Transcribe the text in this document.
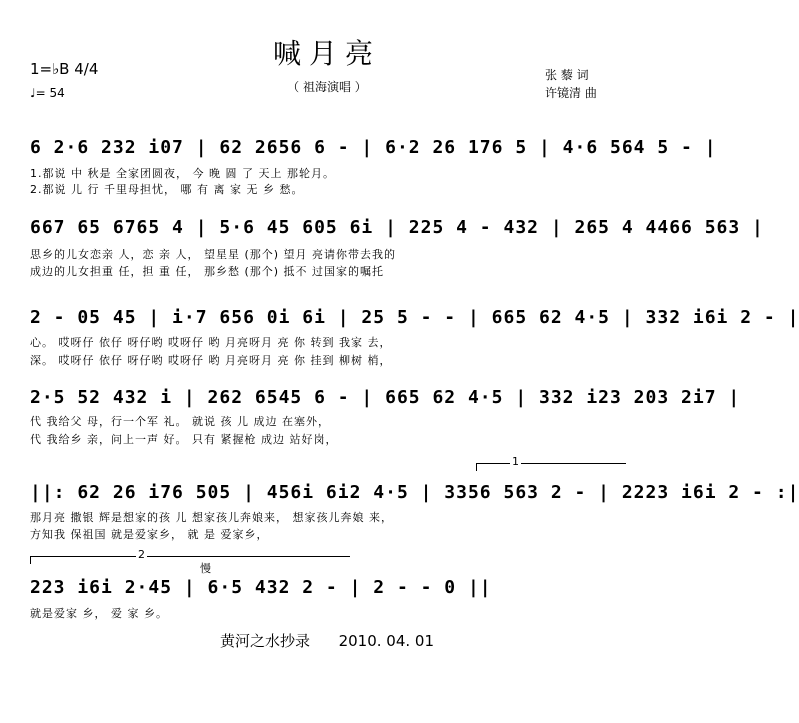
喊月亮
（ 祖海演唱 ）
1=♭B 4/4
♩= 54
张 藜 词
许镜清 曲
6 2·6 232 i07 | 62 2656 6 - | 6·2 26 176 5 | 4·6 564 5 - |
1.都说 中 秋是 全家团圆夜， 今 晚 圆 了 天上 那轮月。
2.都说 儿 行 千里母担忧， 哪 有 离 家 无 乡 愁。
667 65 6765 4 | 5·6 45 605 6i | 225 4 - 432 | 265 4 4466 563 |
思乡的儿女恋亲 人，恋 亲 人， 望星星 (那个) 望月 亮请你带去我的
成边的儿女担重 任，担 重 任， 那乡愁 (那个) 抵不 过国家的嘱托
2 - 05 45 | i·7 656 0i 6i | 25 5 - - | 665 62 4·5 | 332 i6i 2 - |
心。 哎呀仔 依仔 呀仔哟 哎呀仔 哟 月亮呀月 亮 你 转到 我家 去，
深。 哎呀仔 依仔 呀仔哟 哎呀仔 哟 月亮呀月 亮 你 挂到 柳树 梢，
2·5 52 432 i | 262 6545 6 - | 665 62 4·5 | 332 i23 203 2i7 |
代 我给父 母，行一个军 礼。 就说 孩 儿 成边 在塞外，
代 我给乡 亲，问上一声 好。 只有 紧握枪 成边 站好岗，
1
||: 62 26 i76 505 | 456i 6i2 4·5 | 3356 563 2 - | 2223 i6i 2 - :|
那月亮 撒银 辉是想家的孩 儿 想家孩儿奔娘来， 想家孩儿奔娘 来，
方知我 保祖国 就是爱家乡， 就 是 爱家乡，
2
慢
223 i6i 2·45 | 6·5 432 2 - | 2 - - 0 ||
就是爱家 乡， 爱 家 乡。
黄河之水抄录 2010. 04. 01
